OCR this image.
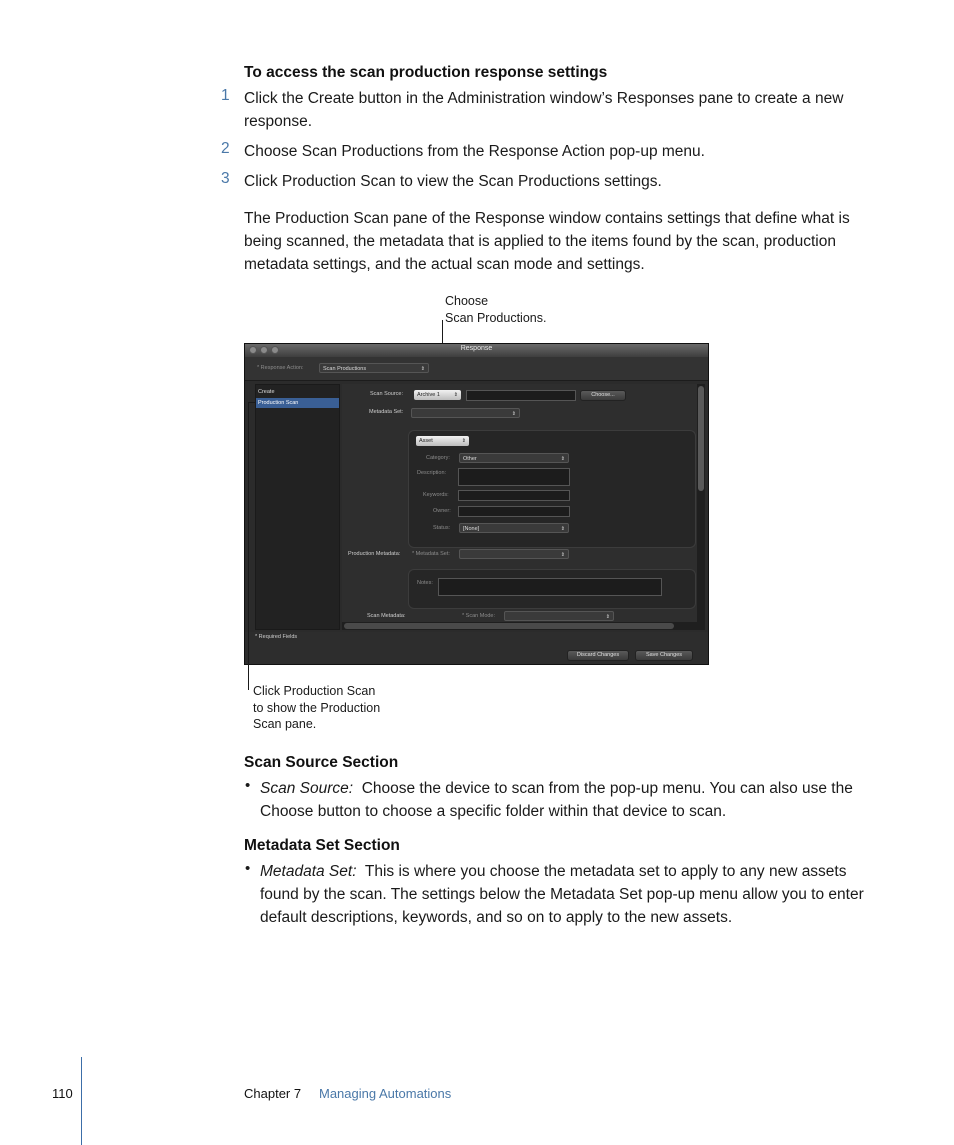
To access the scan production response settings
1 Click the Create button in the Administration window’s Responses pane to create a new response.
2 Choose Scan Productions from the Response Action pop-up menu.
3 Click Production Scan to view the Scan Productions settings.
The Production Scan pane of the Response window contains settings that define what is being scanned, the metadata that is applied to the items found by the scan, production metadata settings, and the actual scan mode and settings.
Choose
Scan Productions.
Response
* Response Action:	Scan Productions	⇕
Create
Production Scan
Scan Source:	Archive 1	⇕	Choose...
Metadata Set:	⇕
Asset	⇕
Category:	Other	⇕
Description:
Keywords:
Owner:
Status:	[None]	⇕
Production Metadata: * Metadata Set:	⇕
Notes:
Scan Metadata:	* Scan Mode:	⇕
* Required Fields
Discard Changes	Save Changes
Click Production Scan
to show the Production
Scan pane.
Scan Source Section
• Scan Source: Choose the device to scan from the pop-up menu. You can also use the Choose button to choose a specific folder within that device to scan.
Metadata Set Section
• Metadata Set: This is where you choose the metadata set to apply to any new assets found by the scan. The settings below the Metadata Set pop-up menu allow you to enter default descriptions, keywords, and so on to apply to the new assets.
110	Chapter 7 Managing Automations
